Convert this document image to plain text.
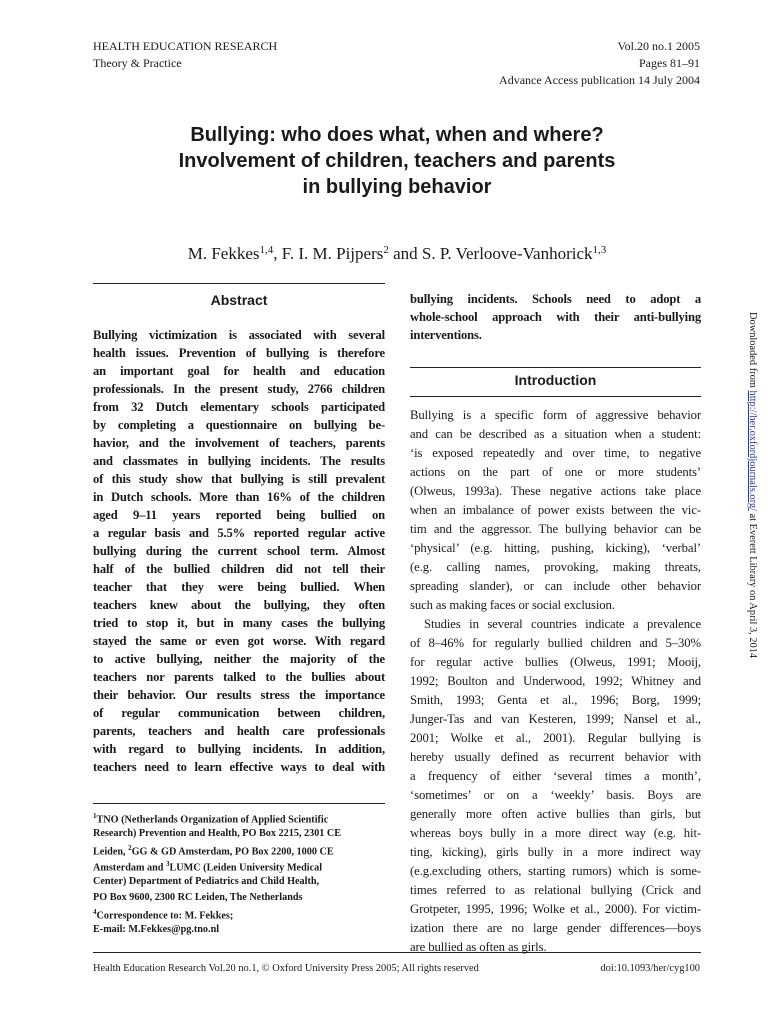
HEALTH EDUCATION RESEARCH
Theory & Practice
Vol.20 no.1 2005
Pages 81–91
Advance Access publication 14 July 2004
Bullying: who does what, when and where?
Involvement of children, teachers and parents
in bullying behavior
M. Fekkes$^{1,4}$, F. I. M. Pijpers$^2$ and S. P. Verloove-Vanhorick$^{1,3}$
Abstract
Bullying victimization is associated with several
health issues. Prevention of bullying is therefore
an important goal for health and education
professionals. In the present study, 2766 children
from 32 Dutch elementary schools participated
by completing a questionnaire on bullying be-
havior, and the involvement of teachers, parents
and classmates in bullying incidents. The results
of this study show that bullying is still prevalent
in Dutch schools. More than 16% of the children
aged 9–11 years reported being bullied on
a regular basis and 5.5% reported regular active
bullying during the current school term. Almost
half of the bullied children did not tell their
teacher that they were being bullied. When
teachers knew about the bullying, they often
tried to stop it, but in many cases the bullying
stayed the same or even got worse. With regard
to active bullying, neither the majority of the
teachers nor parents talked to the bullies about
their behavior. Our results stress the importance
of regular communication between children,
parents, teachers and health care professionals
with regard to bullying incidents. In addition,
teachers need to learn effective ways to deal with
$^1$TNO (Netherlands Organization of Applied Scientific
Research) Prevention and Health, PO Box 2215, 2301 CE
Leiden, $^2$GG & GD Amsterdam, PO Box 2200, 1000 CE
Amsterdam and $^3$LUMC (Leiden University Medical
Center) Department of Pediatrics and Child Health,
PO Box 9600, 2300 RC Leiden, The Netherlands
$^4$Correspondence to: M. Fekkes;
E-mail: M.Fekkes@pg.tno.nl
bullying incidents. Schools need to adopt a
whole-school approach with their anti-bullying
interventions.
Introduction
Bullying is a specific form of aggressive behavior
and can be described as a situation when a student:
‘is exposed repeatedly and over time, to negative
actions on the part of one or more students’
(Olweus, 1993a). These negative actions take place
when an imbalance of power exists between the vic-
tim and the aggressor. The bullying behavior can be
‘physical’ (e.g. hitting, pushing, kicking), ‘verbal’
(e.g. calling names, provoking, making threats,
spreading slander), or can include other behavior
such as making faces or social exclusion.
Studies in several countries indicate a prevalence
of 8–46% for regularly bullied children and 5–30%
for regular active bullies (Olweus, 1991; Mooij,
1992; Boulton and Underwood, 1992; Whitney and
Smith, 1993; Genta et al., 1996; Borg, 1999;
Junger-Tas and van Kesteren, 1999; Nansel et al.,
2001; Wolke et al., 2001). Regular bullying is
hereby usually defined as recurrent behavior with
a frequency of either ‘several times a month’,
‘sometimes’ or on a ‘weekly’ basis. Boys are
generally more often active bullies than girls, but
whereas boys bully in a more direct way (e.g. hit-
ting, kicking), girls bully in a more indirect way
(e.g.excluding others, starting rumors) which is some-
times referred to as relational bullying (Crick and
Grotpeter, 1995, 1996; Wolke et al., 2000). For victim-
ization there are no large gender differences—boys
are bullied as often as girls.
Downloaded from http://her.oxfordjournals.org/ at Everett Library on April 3, 2014
Health Education Research Vol.20 no.1, © Oxford University Press 2005; All rights reserved	doi:10.1093/her/cyg100
